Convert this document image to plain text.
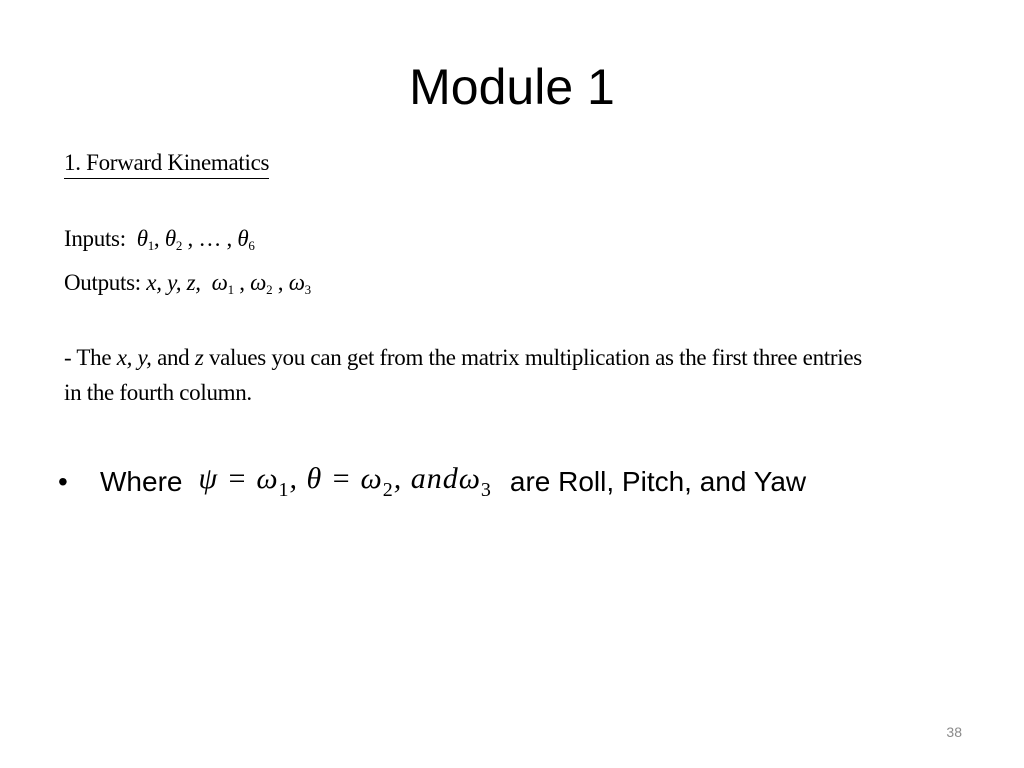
Module 1
1. Forward Kinematics
Inputs: $\theta_1$, $\theta_2$ , … , $\theta_6$
Outputs: x, y, z, $\omega_1$ , $\omega_2$ , $\omega_3$
- The x, y, and z values you can get from the matrix multiplication as the first three entries
in the fourth column.
•	Where $\psi = \omega_1$, $\theta = \omega_2$, andω$_3$ are Roll, Pitch, and Yaw
38
